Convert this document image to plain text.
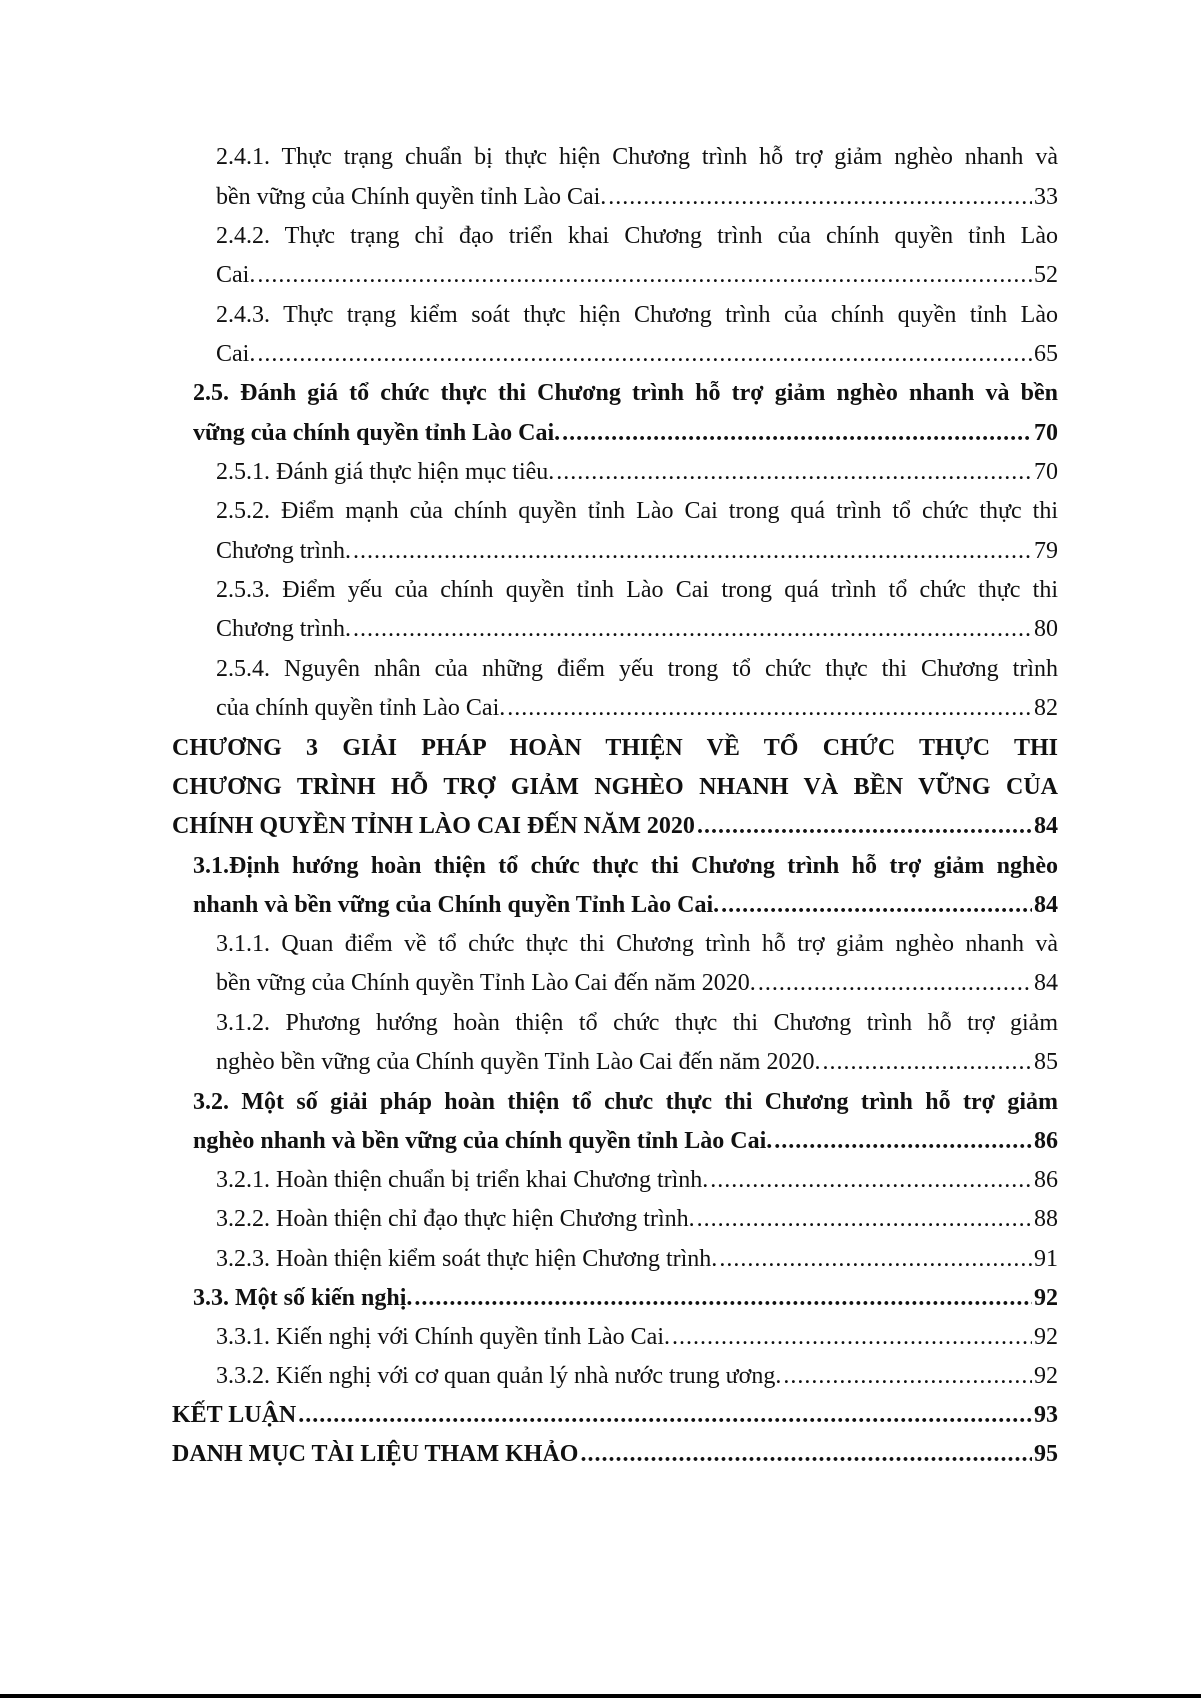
2.4.1. Thực trạng chuẩn bị thực hiện Chương trình hỗ trợ giảm nghèo nhanh và
bền vững của Chính quyền tỉnh Lào Cai. .....	33
2.4.2. Thực trạng chỉ đạo triển khai Chương trình của chính quyền tỉnh Lào
Cai. .....	52
2.4.3. Thực trạng kiểm soát thực hiện Chương trình của chính quyền tỉnh Lào
Cai. .....	65
2.5. Đánh giá tổ chức thực thi Chương trình hỗ trợ giảm nghèo nhanh và bền
vững của chính quyền tỉnh Lào Cai. .....	70
2.5.1. Đánh giá thực hiện mục tiêu. .....	70
2.5.2. Điểm mạnh của chính quyền tỉnh Lào Cai trong quá trình tổ chức thực thi
Chương trình. .....	79
2.5.3. Điểm yếu của chính quyền tỉnh Lào Cai trong quá trình tổ chức thực thi
Chương trình. .....	80
2.5.4. Nguyên nhân của những điểm yếu trong tổ chức thực thi Chương trình
của chính quyền tỉnh Lào Cai. .....	82
CHƯƠNG 3 GIẢI PHÁP HOÀN THIỆN VỀ TỔ CHỨC THỰC THI
CHƯƠNG TRÌNH HỖ TRỢ GIẢM NGHÈO NHANH VÀ BỀN VỮNG CỦA
CHÍNH QUYỀN TỈNH LÀO CAI ĐẾN NĂM 2020 .....	84
3.1.Định hướng hoàn thiện tổ chức thực thi Chương trình hỗ trợ giảm nghèo
nhanh và bền vững của Chính quyền Tỉnh Lào Cai. .....	84
3.1.1. Quan điểm về tổ chức thực thi Chương trình hỗ trợ giảm nghèo nhanh và
bền vững của Chính quyền Tỉnh Lào Cai đến năm 2020. .....	84
3.1.2. Phương hướng hoàn thiện tổ chức thực thi Chương trình hỗ trợ giảm
nghèo bền vững của Chính quyền Tỉnh Lào Cai đến năm 2020. .....	85
3.2. Một số giải pháp hoàn thiện tổ chưc thực thi Chương trình hỗ trợ giảm
nghèo nhanh và bền vững của chính quyền tỉnh Lào Cai. .....	86
3.2.1. Hoàn thiện chuẩn bị triển khai Chương trình. .....	86
3.2.2. Hoàn thiện chỉ đạo thực hiện Chương trình. .....	88
3.2.3. Hoàn thiện kiểm soát thực hiện Chương trình. .....	91
3.3. Một số kiến nghị. .....	92
3.3.1. Kiến nghị với Chính quyền tỉnh Lào Cai. .....	92
3.3.2. Kiến nghị với cơ quan quản lý nhà nước trung ương. .....	92
KẾT LUẬN .....	93
DANH MỤC TÀI LIỆU THAM KHẢO .....	95
